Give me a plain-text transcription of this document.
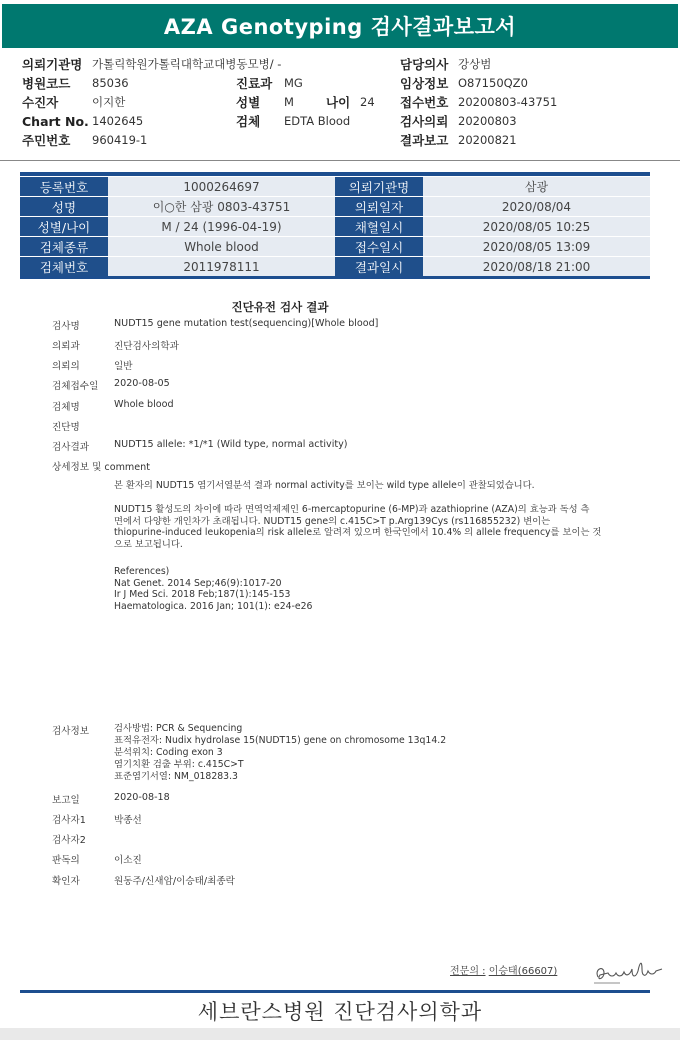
AZA Genotyping 검사결과보고서
의뢰기관명 가톨릭학원가톨릭대학교대병동모병/ -	담당의사 강상범
병원코드 85036	진료과 MG	임상정보 O87150QZ0
수진자	이지한	성별 M	나이 24 접수번호 20200803-43751
Chart No. 1402645	검체 EDTA Blood	검사의뢰 20200803
주민번호 960419-1	결과보고 20200821
등록번호	1000264697	의뢰기관명	삼광
성명	이○한 삼광 0803-43751	의뢰일자	2020/08/04
성별/나이	M / 24 (1996-04-19)	채혈일시	2020/08/05 10:25
검체종류	Whole blood	접수일시	2020/08/05 13:09
검체번호	2011978111	결과일시	2020/08/18 21:00
진단유전 검사 결과
검사명	NUDT15 gene mutation test(sequencing)[Whole blood]
의뢰과	진단검사의학과
의뢰의	일반
검체접수일 2020-08-05
검체명	Whole blood
진단명
검사결과	NUDT15 allele: *1/*1 (Wild type, normal activity)
상세정보 및 comment
본 환자의 NUDT15 염기서열분석 결과 normal activity를 보이는 wild type allele이 관찰되었습니다.
NUDT15 활성도의 차이에 따라 면역억제제인 6-mercaptopurine (6-MP)과 azathioprine (AZA)의 효능과 독성 측
면에서 다양한 개인차가 초래됩니다. NUDT15 gene의 c.415C>T p.Arg139Cys (rs116855232) 변이는
thiopurine-induced leukopenia의 risk allele로 알려져 있으며 한국인에서 10.4% 의 allele frequency를 보이는 것
으로 보고됩니다.
References)
Nat Genet. 2014 Sep;46(9):1017-20
Ir J Med Sci. 2018 Feb;187(1):145-153
Haematologica. 2016 Jan; 101(1): e24-e26
검사정보	검사방법: PCR & Sequencing
표적유전자: Nudix hydrolase 15(NUDT15) gene on chromosome 13q14.2
분석위치: Coding exon 3
염기치환 검출 부위: c.415C>T
표준염기서열: NM_018283.3
보고일	2020-08-18
검사자1	박종선
검사자2
판독의	이소진
확인자	원동주/신새암/이승태/최종락
전문의 : 이승태(66607)
세브란스병원 진단검사의학과
